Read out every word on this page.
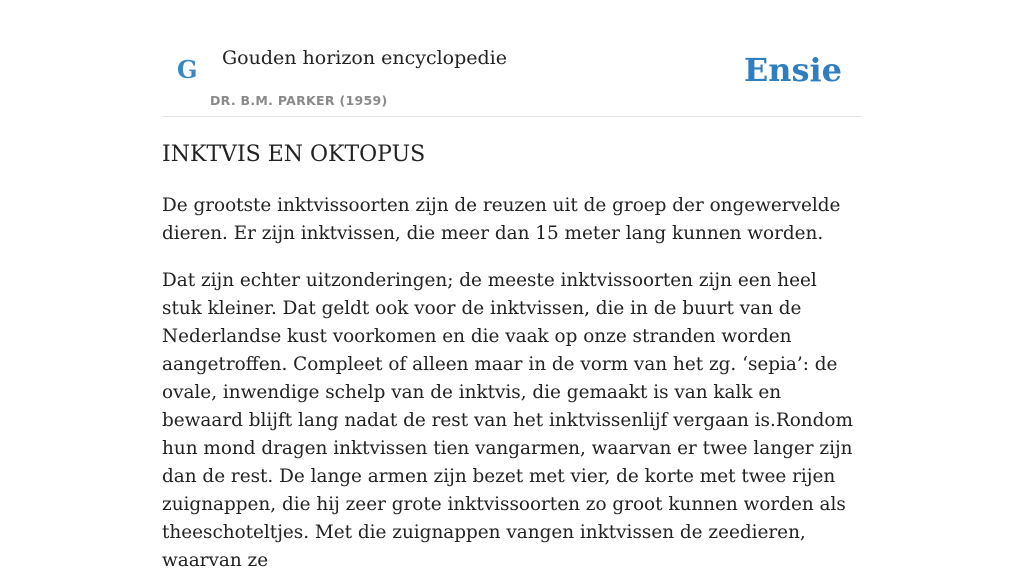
G Gouden horizon encyclopedie
DR. B.M. PARKER (1959)
Ensie
INKTVIS EN OKTOPUS

De grootste inktvissoorten zijn de reuzen uit de groep der ongewervelde dieren. Er zijn inktvissen, die meer dan 15 meter lang kunnen worden.

Dat zijn echter uitzonderingen; de meeste inktvissoorten zijn een heel stuk kleiner. Dat geldt ook voor de inktvissen, die in de buurt van de Nederlandse kust voorkomen en die vaak op onze stranden worden aangetroffen. Compleet of alleen maar in de vorm van het zg. ‘sepia’: de ovale, inwendige schelp van de inktvis, die gemaakt is van kalk en bewaard blijft lang nadat de rest van het inktvissenlijf vergaan is.Rondom hun mond dragen inktvissen tien vangarmen, waarvan er twee langer zijn dan de rest. De lange armen zijn bezet met vier, de korte met twee rijen zuignappen, die hij zeer grote inktvissoorten zo groot kunnen worden als theeschoteltjes. Met die zuignappen vangen inktvissen de zeedieren, waarvan ze
